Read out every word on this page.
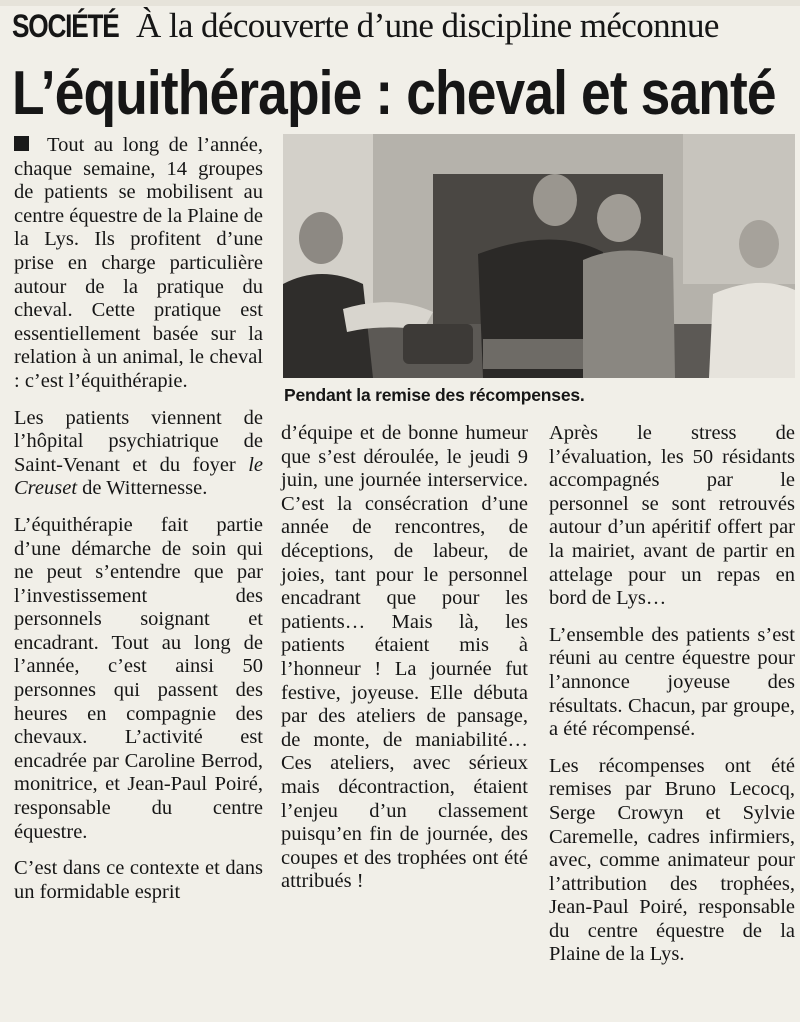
SOCIÉTÉ À la découverte d’une discipline méconnue
L’équithérapie : cheval et santé

Tout au long de l’année, chaque semaine, 14 groupes de patients se mobilisent au centre équestre de la Plaine de la Lys. Ils profitent d’une prise en charge particulière autour de la pratique du cheval. Cette pratique est essentiellement basée sur la relation à un animal, le cheval : c’est l’équithérapie.

Les patients viennent de l’hôpital psychiatrique de Saint-Venant et du foyer le Creuset de Witternesse.

L’équithérapie fait partie d’une démarche de soin qui ne peut s’entendre que par l’investissement des personnels soignant et encadrant. Tout au long de l’année, c’est ainsi 50 personnes qui passent des heures en compagnie des chevaux. L’activité est encadrée par Caroline Berrod, monitrice, et Jean-Paul Poiré, responsable du centre équestre.

C’est dans ce contexte et dans un formidable esprit

Pendant la remise des récompenses.

d’équipe et de bonne humeur que s’est déroulée, le jeudi 9 juin, une journée interservice. C’est la consécration d’une année de rencontres, de déceptions, de labeur, de joies, tant pour le personnel encadrant que pour les patients… Mais là, les patients étaient mis à l’honneur ! La journée fut festive, joyeuse. Elle débuta par des ateliers de pansage, de monte, de maniabilité… Ces ateliers, avec sérieux mais décontraction, étaient l’enjeu d’un classement puisqu’en fin de journée, des coupes et des trophées ont été attribués !

Après le stress de l’évaluation, les 50 résidants accompagnés par le personnel se sont retrouvés autour d’un apéritif offert par la mairiet, avant de partir en attelage pour un repas en bord de Lys…

L’ensemble des patients s’est réuni au centre équestre pour l’annonce joyeuse des résultats. Chacun, par groupe, a été récompensé.

Les récompenses ont été remises par Bruno Lecocq, Serge Crowyn et Sylvie Caremelle, cadres infirmiers, avec, comme animateur pour l’attribution des trophées, Jean-Paul Poiré, responsable du centre équestre de la Plaine de la Lys.
